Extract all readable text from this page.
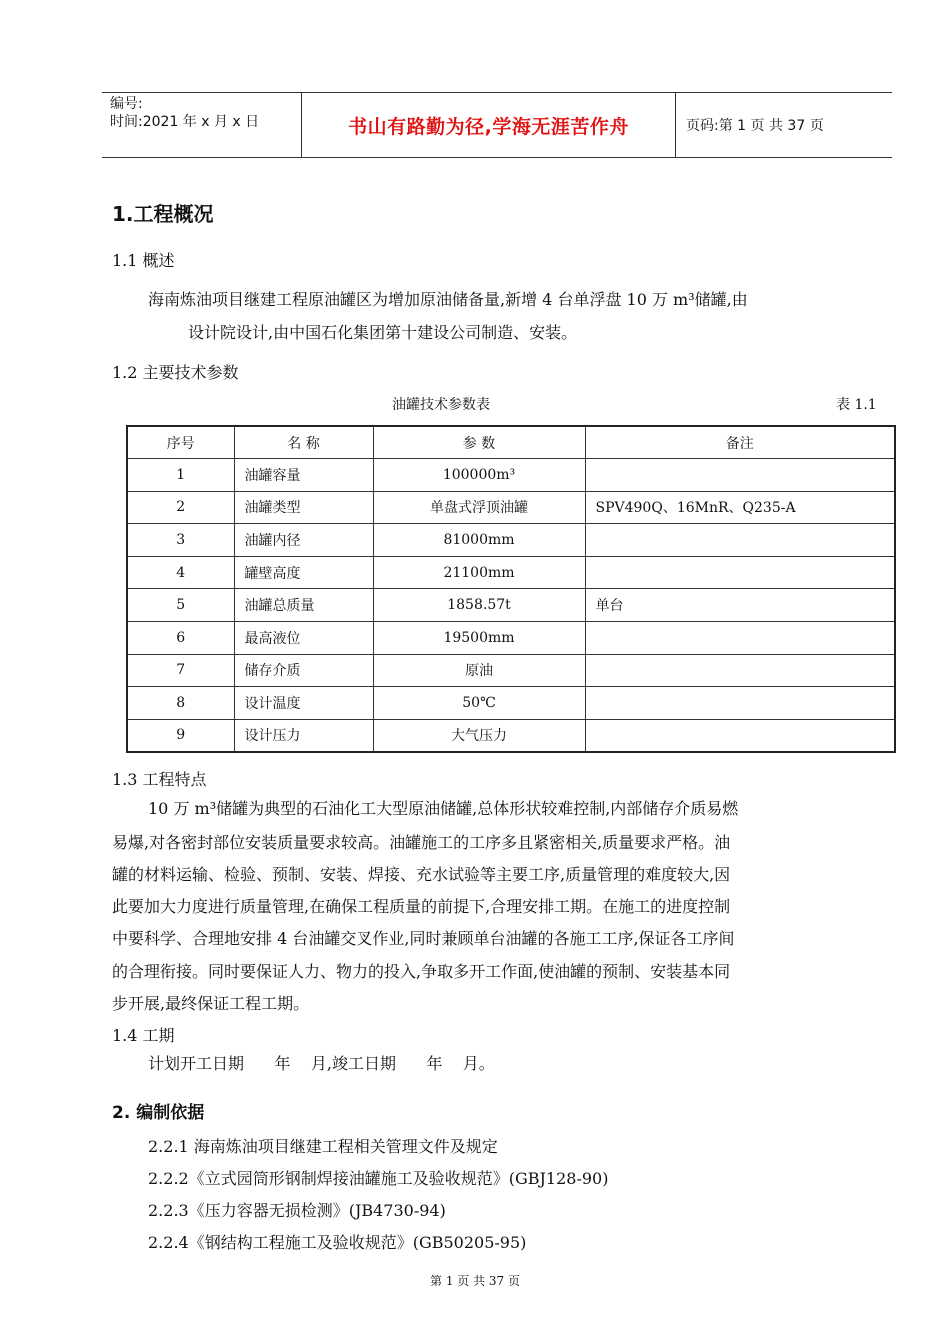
编号:
时间:2021 年 x 月 x 日	书山有路勤为径,学海无涯苦作舟	页码:第 1 页 共 37 页
1.工程概况
1.1 概述
海南炼油项目继建工程原油罐区为增加原油储备量,新增 4 台单浮盘 10 万 m³储罐,由
设计院设计,由中国石化集团第十建设公司制造、安装。
1.2 主要技术参数
油罐技术参数表	表 1.1
序号	名 称	参 数	备注
1	油罐容量	100000m³	
2	油罐类型	单盘式浮顶油罐	SPV490Q、16MnR、Q235-A
3	油罐内径	81000mm	
4	罐壁高度	21100mm	
5	油罐总质量	1858.57t	单台
6	最高液位	19500mm	
7	储存介质	原油	
8	设计温度	50℃	
9	设计压力	大气压力	
1.3 工程特点
10 万 m³储罐为典型的石油化工大型原油储罐,总体形状较难控制,内部储存介质易燃
易爆,对各密封部位安装质量要求较高。油罐施工的工序多且紧密相关,质量要求严格。油
罐的材料运输、检验、预制、安装、焊接、充水试验等主要工序,质量管理的难度较大,因
此要加大力度进行质量管理,在确保工程质量的前提下,合理安排工期。在施工的进度控制
中要科学、合理地安排 4 台油罐交叉作业,同时兼顾单台油罐的各施工工序,保证各工序间
的合理衔接。同时要保证人力、物力的投入,争取多开工作面,使油罐的预制、安装基本同
步开展,最终保证工程工期。
1.4 工期
计划开工日期      年    月,竣工日期      年    月。
2. 编制依据
2.2.1 海南炼油项目继建工程相关管理文件及规定
2.2.2《立式园筒形钢制焊接油罐施工及验收规范》(GBJ128-90)
2.2.3《压力容器无损检测》(JB4730-94)
2.2.4《钢结构工程施工及验收规范》(GB50205-95)
第 1 页 共 37 页
